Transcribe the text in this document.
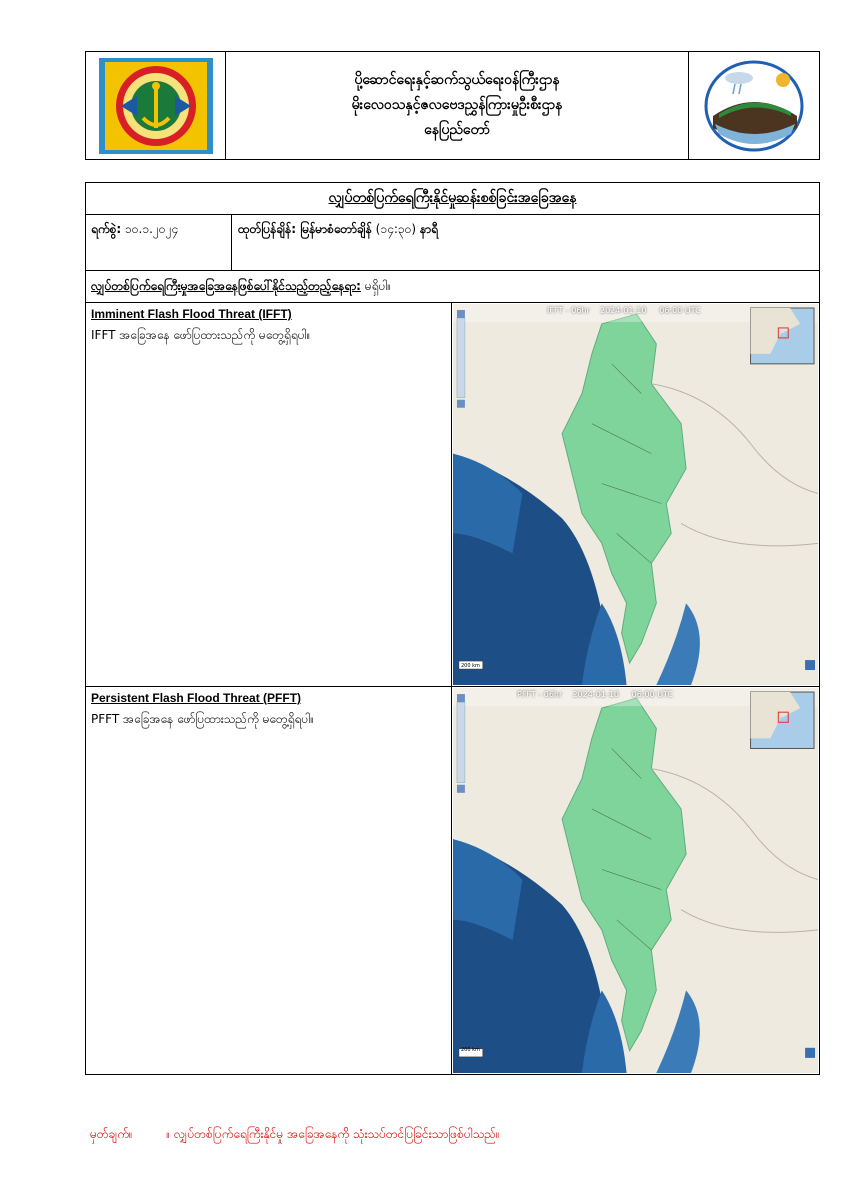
ပို့ဆောင်ရေးနှင့်ဆက်သွယ်ရေးဝန်ကြီးဌာန
မိုးလေဝသနှင့်ဇလဗေဒညွှန်ကြားမှုဦးစီးဌာန
နေပြည်တော်
လျှပ်တစ်ပြက်ရေကြီးနိုင်မှုဆန်းစစ်ခြင်းအခြေအနေ
ရက်စွဲ: ၁၀.၁.၂၀၂၄	ထုတ်ပြန်ချိန်: မြန်မာစံတော်ချိန် (၁၄:၃၀) နာရီ
လျှပ်တစ်ပြက်ရေကြီးမှုအခြေအနေဖြစ်ပေါ်နိုင်သည့်တည့်နေရာ: မရှိပါ။
Imminent Flash Flood Threat (IFFT)
IFFT အခြေအနေ ဖော်ပြထားသည်ကို မတွေ့ရှိရပါ။
IFFT - 06hr    2024-01-10     06:00 UTC
200 km
Persistent Flash Flood Threat (PFFT)
PFFT အခြေအနေ ဖော်ပြထားသည်ကို မတွေ့ရှိရပါ။
PFFT - 06hr    2024-01-10     06:00 UTC
200 km
မှတ်ချက်။	။ လျှပ်တစ်ပြက်ရေကြီးနိုင်မှု အခြေအနေကို သုံးသပ်တင်ပြခြင်းသာဖြစ်ပါသည်။
